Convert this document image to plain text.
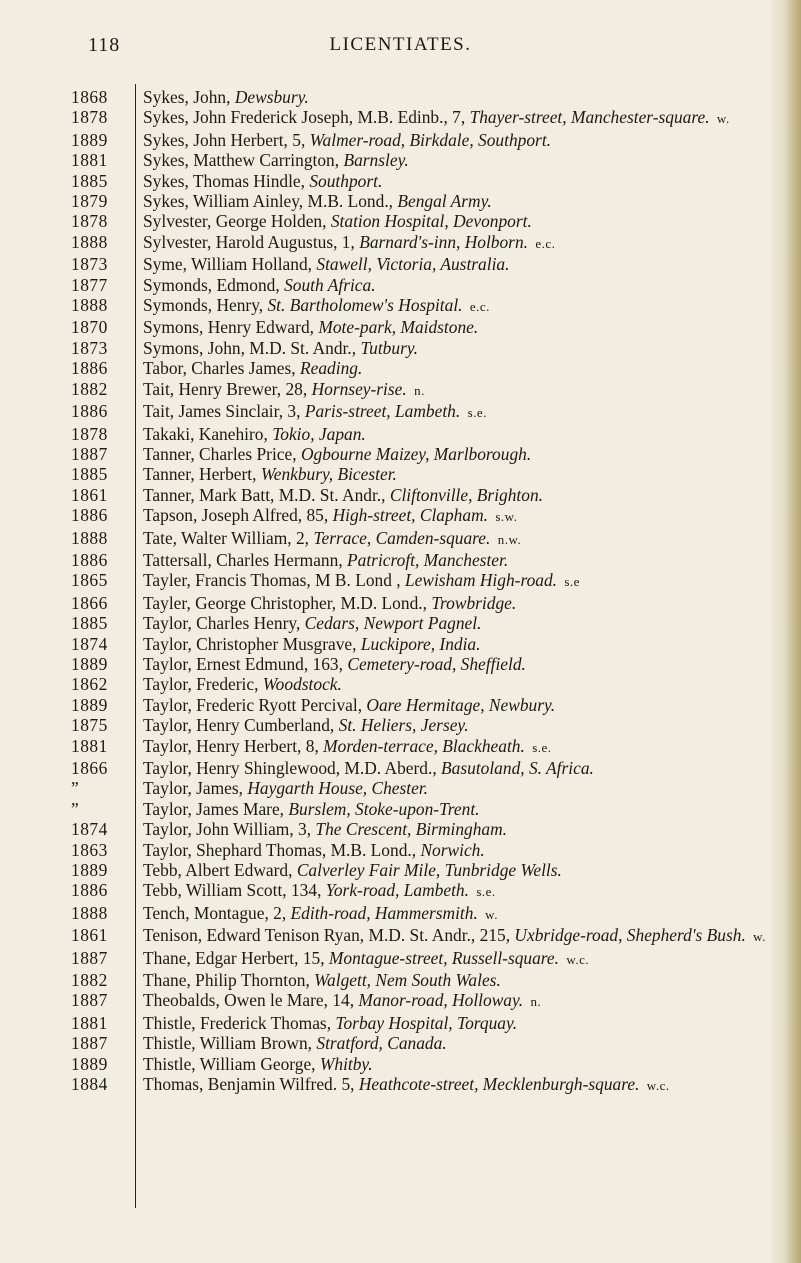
118	LICENTIATES.
1868	Sykes, John, Dewsbury.
1878	Sykes, John Frederick Joseph, M.B. Edinb., 7, Thayer-street, Manchester-square. w.
1889	Sykes, John Herbert, 5, Walmer-road, Birkdale, Southport.
1881	Sykes, Matthew Carrington, Barnsley.
1885	Sykes, Thomas Hindle, Southport.
1879	Sykes, William Ainley, M.B. Lond., Bengal Army.
1878	Sylvester, George Holden, Station Hospital, Devonport.
1888	Sylvester, Harold Augustus, 1, Barnard's-inn, Holborn. e.c.
1873	Syme, William Holland, Stawell, Victoria, Australia.
1877	Symonds, Edmond, South Africa.
1888	Symonds, Henry, St. Bartholomew's Hospital. e.c.
1870	Symons, Henry Edward, Mote-park, Maidstone.
1873	Symons, John, M.D. St. Andr., Tutbury.
1886	Tabor, Charles James, Reading.
1882	Tait, Henry Brewer, 28, Hornsey-rise. n.
1886	Tait, James Sinclair, 3, Paris-street, Lambeth. s.e.
1878	Takaki, Kanehiro, Tokio, Japan.
1887	Tanner, Charles Price, Ogbourne Maizey, Marlborough.
1885	Tanner, Herbert, Wenkbury, Bicester.
1861	Tanner, Mark Batt, M.D. St. Andr., Cliftonville, Brighton.
1886	Tapson, Joseph Alfred, 85, High-street, Clapham. s.w.
1888	Tate, Walter William, 2, Terrace, Camden-square. n.w.
1886	Tattersall, Charles Hermann, Patricroft, Manchester.
1865	Tayler, Francis Thomas, M B. Lond , Lewisham High-road. s.e
1866	Tayler, George Christopher, M.D. Lond., Trowbridge.
1885	Taylor, Charles Henry, Cedars, Newport Pagnel.
1874	Taylor, Christopher Musgrave, Luckipore, India.
1889	Taylor, Ernest Edmund, 163, Cemetery-road, Sheffield.
1862	Taylor, Frederic, Woodstock.
1889	Taylor, Frederic Ryott Percival, Oare Hermitage, Newbury.
1875	Taylor, Henry Cumberland, St. Heliers, Jersey.
1881	Taylor, Henry Herbert, 8, Morden-terrace, Blackheath. s.e.
1866	Taylor, Henry Shinglewood, M.D. Aberd., Basutoland, S. Africa.
”	Taylor, James, Haygarth House, Chester.
”	Taylor, James Mare, Burslem, Stoke-upon-Trent.
1874	Taylor, John William, 3, The Crescent, Birmingham.
1863	Taylor, Shephard Thomas, M.B. Lond., Norwich.
1889	Tebb, Albert Edward, Calverley Fair Mile, Tunbridge Wells.
1886	Tebb, William Scott, 134, York-road, Lambeth. s.e.
1888	Tench, Montague, 2, Edith-road, Hammersmith. w.
1861	Tenison, Edward Tenison Ryan, M.D. St. Andr., 215, Uxbridge-road, Shepherd's Bush. w.
1887	Thane, Edgar Herbert, 15, Montague-street, Russell-square. w.c.
1882	Thane, Philip Thornton, Walgett, Nem South Wales.
1887	Theobalds, Owen le Mare, 14, Manor-road, Holloway. n.
1881	Thistle, Frederick Thomas, Torbay Hospital, Torquay.
1887	Thistle, William Brown, Stratford, Canada.
1889	Thistle, William George, Whitby.
1884	Thomas, Benjamin Wilfred. 5, Heathcote-street, Mecklenburgh-square. w.c.
